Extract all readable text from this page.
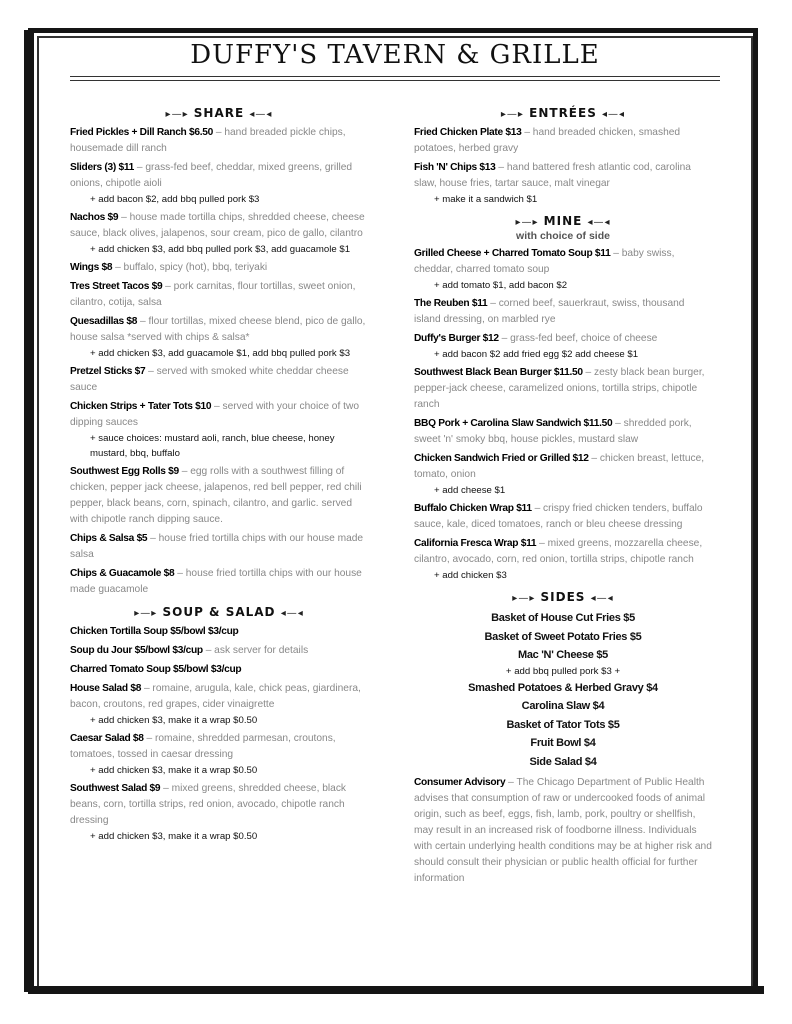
DUFFY'S TAVERN & GRILLE
▸—▸ SHARE ◂—◂
Fried Pickles + Dill Ranch $6.50 – hand breaded pickle chips, housemade dill ranch
Sliders (3) $11 – grass-fed beef, cheddar, mixed greens, grilled onions, chipotle aioli
+ add bacon $2, add bbq pulled pork $3
Nachos $9 – house made tortilla chips, shredded cheese, cheese sauce, black olives, jalapenos, sour cream, pico de gallo, cilantro
+ add chicken $3, add bbq pulled pork $3, add guacamole $1
Wings $8 – buffalo, spicy (hot), bbq, teriyaki
Tres Street Tacos $9 – pork carnitas, flour tortillas, sweet onion, cilantro, cotija, salsa
Quesadillas $8 – flour tortillas, mixed cheese blend, pico de gallo, house salsa *served with chips & salsa*
+ add chicken $3, add guacamole $1, add bbq pulled pork $3
Pretzel Sticks $7 – served with smoked white cheddar cheese sauce
Chicken Strips + Tater Tots $10 – served with your choice of two dipping sauces
+ sauce choices: mustard aoli, ranch, blue cheese, honey mustard, bbq, buffalo
Southwest Egg Rolls $9 – egg rolls with a southwest filling of chicken, pepper jack cheese, jalapenos, red bell pepper, red chili pepper, black beans, corn, spinach, cilantro, and garlic. served with chipotle ranch dipping sauce.
Chips & Salsa $5 – house fried tortilla chips with our house made salsa
Chips & Guacamole $8 – house fried tortilla chips with our house made guacamole
▸—▸ SOUP & SALAD ◂—◂
Chicken Tortilla Soup $5/bowl $3/cup
Soup du Jour $5/bowl $3/cup – ask server for details
Charred Tomato Soup $5/bowl $3/cup
House Salad $8 – romaine, arugula, kale, chick peas, giardinera, bacon, croutons, red grapes, cider vinaigrette
+ add chicken $3, make it a wrap $0.50
Caesar Salad $8 – romaine, shredded parmesan, croutons, tomatoes, tossed in caesar dressing
+ add chicken $3, make it a wrap $0.50
Southwest Salad $9 – mixed greens, shredded cheese, black beans, corn, tortilla strips, red onion, avocado, chipotle ranch dressing
+ add chicken $3, make it a wrap $0.50
▸—▸ ENTRÉES ◂—◂
Fried Chicken Plate $13 – hand breaded chicken, smashed potatoes, herbed gravy
Fish 'N' Chips $13 – hand battered fresh atlantic cod, carolina slaw, house fries, tartar sauce, malt vinegar
+ make it a sandwich $1
▸—▸ MINE ◂—◂
with choice of side
Grilled Cheese + Charred Tomato Soup $11 – baby swiss, cheddar, charred tomato soup
+ add tomato $1, add bacon $2
The Reuben $11 – corned beef, sauerkraut, swiss, thousand island dressing, on marbled rye
Duffy's Burger $12 – grass-fed beef, choice of cheese
+ add bacon $2 add fried egg $2 add cheese $1
Southwest Black Bean Burger $11.50 – zesty black bean burger, pepper-jack cheese, caramelized onions, tortilla strips, chipotle ranch
BBQ Pork + Carolina Slaw Sandwich $11.50 – shredded pork, sweet 'n' smoky bbq, house pickles, mustard slaw
Chicken Sandwich Fried or Grilled $12 – chicken breast, lettuce, tomato, onion
+ add cheese $1
Buffalo Chicken Wrap $11 – crispy fried chicken tenders, buffalo sauce, kale, diced tomatoes, ranch or bleu cheese dressing
California Fresca Wrap $11 – mixed greens, mozzarella cheese, cilantro, avocado, corn, red onion, tortilla strips, chipotle ranch
+ add chicken $3
▸—▸ SIDES ◂—◂
Basket of House Cut Fries $5
Basket of Sweet Potato Fries $5
Mac 'N' Cheese $5
+ add bbq pulled pork $3 +
Smashed Potatoes & Herbed Gravy $4
Carolina Slaw $4
Basket of Tator Tots $5
Fruit Bowl $4
Side Salad $4
Consumer Advisory – The Chicago Department of Public Health advises that consumption of raw or undercooked foods of animal origin, such as beef, eggs, fish, lamb, pork, poultry or shellfish, may result in an increased risk of foodborne illness. Individuals with certain underlying health conditions may be at higher risk and should consult their physician or public health official for further information
